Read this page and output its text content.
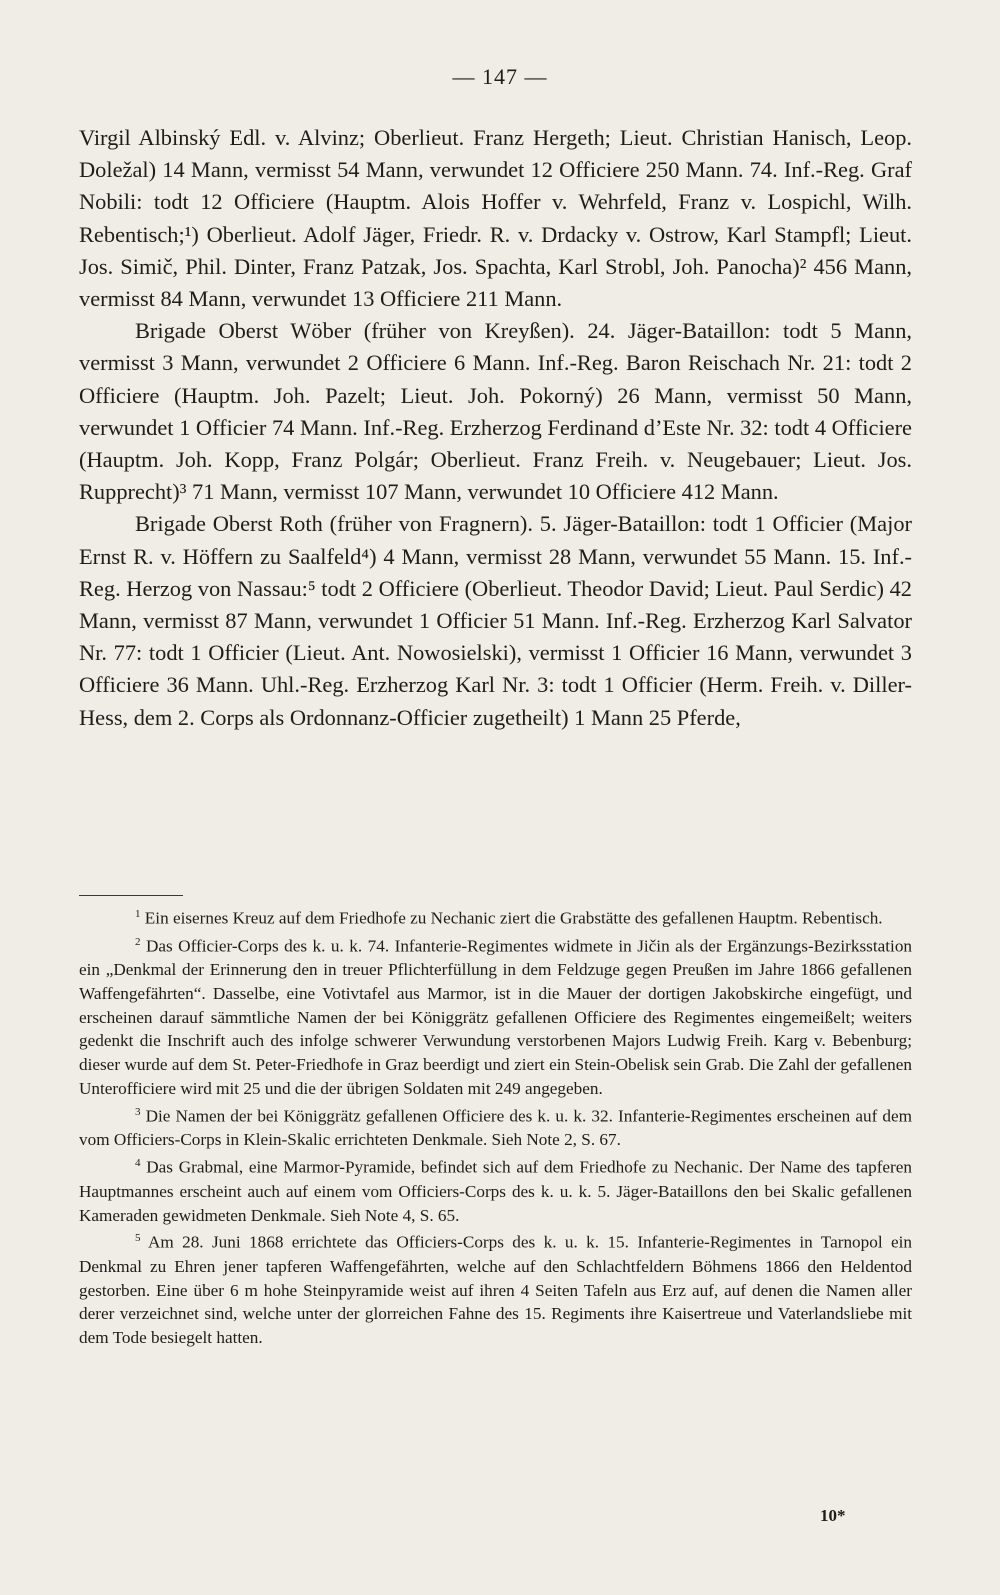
— 147 —

Virgil Albinský Edl. v. Alvinz; Oberlieut. Franz Hergeth; Lieut. Christian Hanisch, Leop. Doležal) 14 Mann, vermisst 54 Mann, verwundet 12 Officiere 250 Mann. 74. Inf.-Reg. Graf Nobili: todt 12 Officiere (Hauptm. Alois Hoffer v. Wehrfeld, Franz v. Lospichl, Wilh. Rebentisch;¹) Oberlieut. Adolf Jäger, Friedr. R. v. Drdacky v. Ostrow, Karl Stampfl; Lieut. Jos. Simič, Phil. Dinter, Franz Patzak, Jos. Spachta, Karl Strobl, Joh. Panocha)² 456 Mann, vermisst 84 Mann, verwundet 13 Officiere 211 Mann.

Brigade Oberst Wöber (früher von Kreyßen). 24. Jäger-Bataillon: todt 5 Mann, vermisst 3 Mann, verwundet 2 Officiere 6 Mann. Inf.-Reg. Baron Reischach Nr. 21: todt 2 Officiere (Hauptm. Joh. Pazelt; Lieut. Joh. Pokorný) 26 Mann, vermisst 50 Mann, verwundet 1 Officier 74 Mann. Inf.-Reg. Erzherzog Ferdinand d’Este Nr. 32: todt 4 Officiere (Hauptm. Joh. Kopp, Franz Polgár; Oberlieut. Franz Freih. v. Neugebauer; Lieut. Jos. Rupprecht)³ 71 Mann, vermisst 107 Mann, verwundet 10 Officiere 412 Mann.

Brigade Oberst Roth (früher von Fragnern). 5. Jäger-Bataillon: todt 1 Officier (Major Ernst R. v. Höffern zu Saalfeld⁴) 4 Mann, vermisst 28 Mann, verwundet 55 Mann. 15. Inf.-Reg. Herzog von Nassau:⁵ todt 2 Officiere (Oberlieut. Theodor David; Lieut. Paul Serdic) 42 Mann, vermisst 87 Mann, verwundet 1 Officier 51 Mann. Inf.-Reg. Erzherzog Karl Salvator Nr. 77: todt 1 Officier (Lieut. Ant. Nowosielski), vermisst 1 Officier 16 Mann, verwundet 3 Officiere 36 Mann. Uhl.-Reg. Erzherzog Karl Nr. 3: todt 1 Officier (Herm. Freih. v. Diller-Hess, dem 2. Corps als Ordonnanz-Officier zugetheilt) 1 Mann 25 Pferde,

$^1$ Ein eisernes Kreuz auf dem Friedhofe zu Nechanic ziert die Grabstätte des gefallenen Hauptm. Rebentisch.

$^2$ Das Officier-Corps des k. u. k. 74. Infanterie-Regimentes widmete in Jičin als der Ergänzungs-Bezirksstation ein „Denkmal der Erinnerung den in treuer Pflichterfüllung in dem Feldzuge gegen Preußen im Jahre 1866 gefallenen Waffengefährten“. Dasselbe, eine Votivtafel aus Marmor, ist in die Mauer der dortigen Jakobskirche eingefügt, und erscheinen darauf sämmtliche Namen der bei Königgrätz gefallenen Officiere des Regimentes eingemeißelt; weiters gedenkt die Inschrift auch des infolge schwerer Verwundung verstorbenen Majors Ludwig Freih. Karg v. Bebenburg; dieser wurde auf dem St. Peter-Friedhofe in Graz beerdigt und ziert ein Stein-Obelisk sein Grab. Die Zahl der gefallenen Unterofficiere wird mit 25 und die der übrigen Soldaten mit 249 angegeben.

$^3$ Die Namen der bei Königgrätz gefallenen Officiere des k. u. k. 32. Infanterie-Regimentes erscheinen auf dem vom Officiers-Corps in Klein-Skalic errichteten Denkmale. Sieh Note 2, S. 67.

$^4$ Das Grabmal, eine Marmor-Pyramide, befindet sich auf dem Friedhofe zu Nechanic. Der Name des tapferen Hauptmannes erscheint auch auf einem vom Officiers-Corps des k. u. k. 5. Jäger-Bataillons den bei Skalic gefallenen Kameraden gewidmeten Denkmale. Sieh Note 4, S. 65.

$^5$ Am 28. Juni 1868 errichtete das Officiers-Corps des k. u. k. 15. Infanterie-Regimentes in Tarnopol ein Denkmal zu Ehren jener tapferen Waffengefährten, welche auf den Schlachtfeldern Böhmens 1866 den Heldentod gestorben. Eine über 6 m hohe Steinpyramide weist auf ihren 4 Seiten Tafeln aus Erz auf, auf denen die Namen aller derer verzeichnet sind, welche unter der glorreichen Fahne des 15. Regiments ihre Kaisertreue und Vaterlandsliebe mit dem Tode besiegelt hatten.

10*
